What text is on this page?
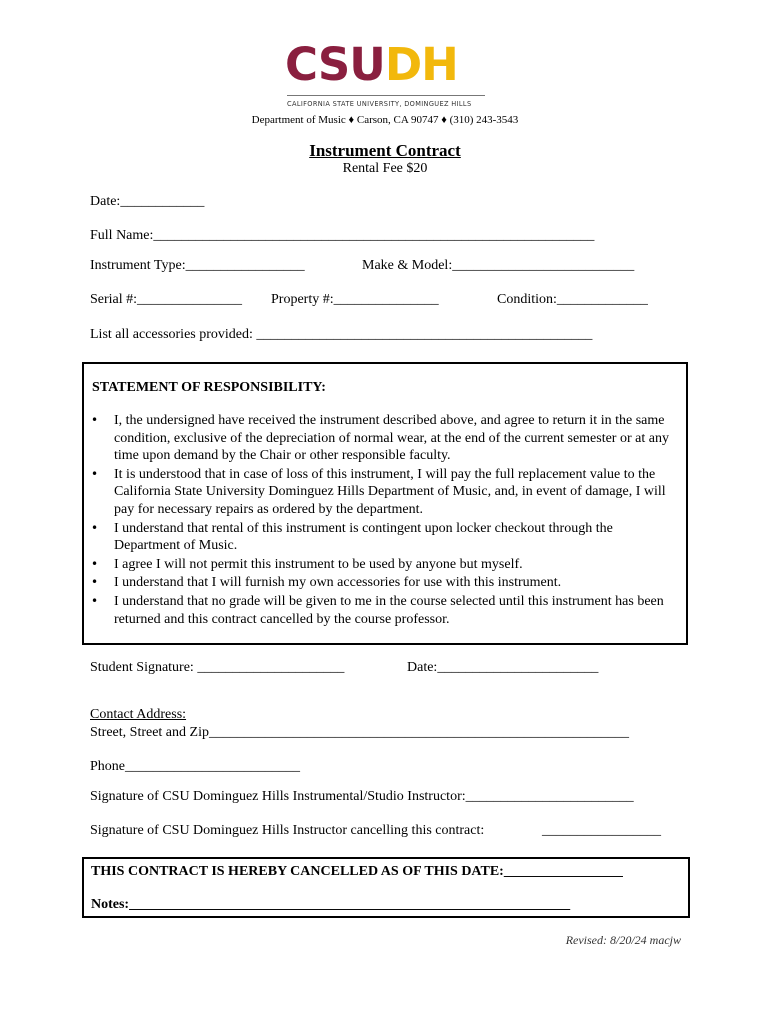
CSUDH
CALIFORNIA STATE UNIVERSITY, DOMINGUEZ HILLS
Department of Music ♦ Carson, CA 90747 ♦ (310) 243-3543
Instrument Contract
Rental Fee $20
Date:____________
Full Name:_______________________________________________________________
Instrument Type:_________________	Make & Model:__________________________
Serial #:_______________ Property #:_______________	Condition:_____________
List all accessories provided: ________________________________________________
STATEMENT OF RESPONSIBILITY:
• I, the undersigned have received the instrument described above, and agree to return it in the same condition, exclusive of the depreciation of normal wear, at the end of the current semester or at any time upon demand by the Chair or other responsible faculty.
• It is understood that in case of loss of this instrument, I will pay the full replacement value to the California State University Dominguez Hills Department of Music, and, in event of damage, I will pay for necessary repairs as ordered by the department.
• I understand that rental of this instrument is contingent upon locker checkout through the Department of Music.
• I agree I will not permit this instrument to be used by anyone but myself.
• I understand that I will furnish my own accessories for use with this instrument.
• I understand that no grade will be given to me in the course selected until this instrument has been returned and this contract cancelled by the course professor.
Student Signature: _____________________	Date:_______________________
Contact Address:
Street, Street and Zip____________________________________________________________
Phone_________________________
Signature of CSU Dominguez Hills Instrumental/Studio Instructor:________________________
Signature of CSU Dominguez Hills Instructor cancelling this contract:	_________________
THIS CONTRACT IS HEREBY CANCELLED AS OF THIS DATE:_________________
Notes:_______________________________________________________________
Revised: 8/20/24 macjw
